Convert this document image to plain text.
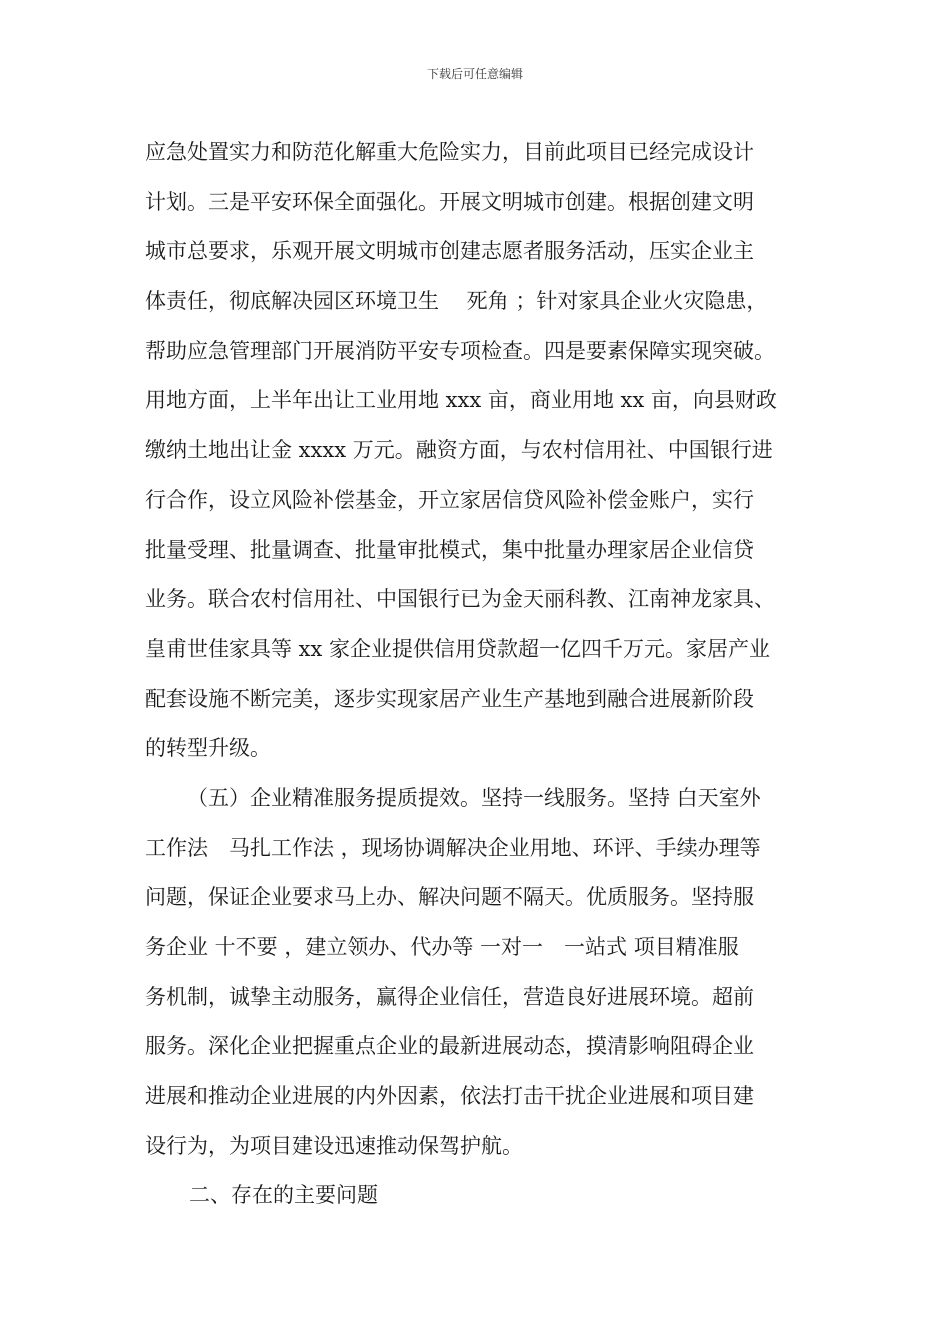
下载后可任意编辑
应急处置实力和防范化解重大危险实力，目前此项目已经完成设计
计划。三是平安环保全面强化。开展文明城市创建。根据创建文明
城市总要求，乐观开展文明城市创建志愿者服务活动，压实企业主
体责任，彻底解决园区环境卫生　 死角 ；针对家具企业火灾隐患，
帮助应急管理部门开展消防平安专项检查。四是要素保障实现突破。
用地方面，上半年出让工业用地 xxx 亩，商业用地 xx 亩，向县财政
缴纳土地出让金 xxxx 万元。融资方面，与农村信用社、中国银行进
行合作，设立风险补偿基金，开立家居信贷风险补偿金账户，实行
批量受理、批量调查、批量审批模式，集中批量办理家居企业信贷
业务。联合农村信用社、中国银行已为金天丽科教、江南神龙家具、
皇甫世佳家具等 xx 家企业提供信用贷款超一亿四千万元。家居产业
配套设施不断完美，逐步实现家居产业生产基地到融合进展新阶段
的转型升级。
（五）企业精准服务提质提效。坚持一线服务。坚持 白天室外
工作法　马扎工作法 ，现场协调解决企业用地、环评、手续办理等
问题，保证企业要求马上办、解决问题不隔天。优质服务。坚持服
务企业 十不要 ，建立领办、代办等 一对一　一站式 项目精准服
务机制，诚挚主动服务，赢得企业信任，营造良好进展环境。超前
服务。深化企业把握重点企业的最新进展动态，摸清影响阻碍企业
进展和推动企业进展的内外因素，依法打击干扰企业进展和项目建
设行为，为项目建设迅速推动保驾护航。
二、存在的主要问题
